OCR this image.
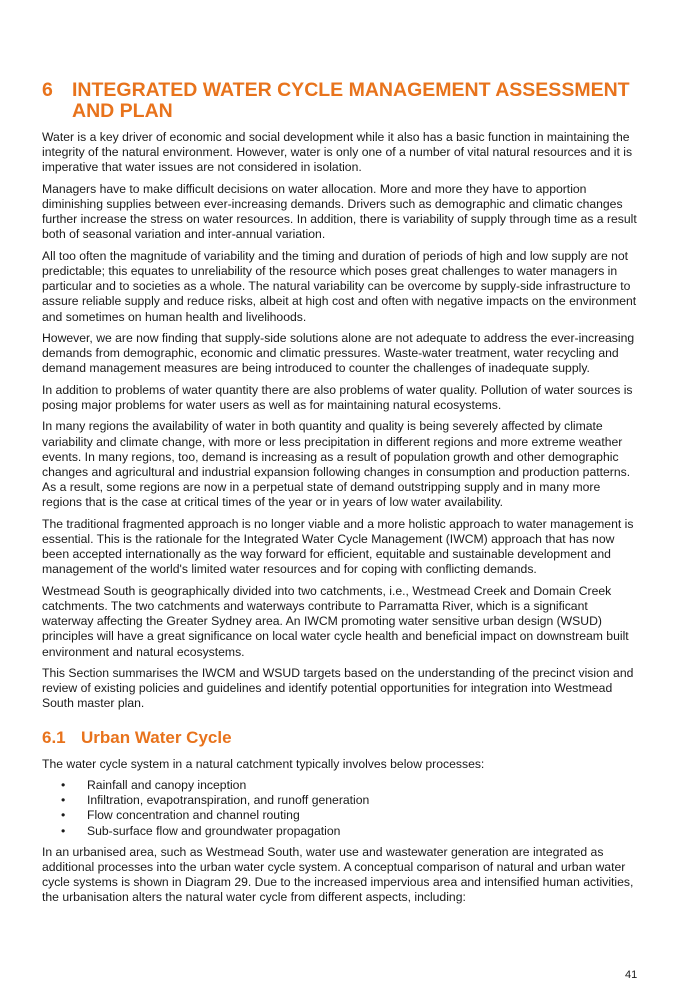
6 INTEGRATED WATER CYCLE MANAGEMENT ASSESSMENT AND PLAN

Water is a key driver of economic and social development while it also has a basic function in maintaining the integrity of the natural environment. However, water is only one of a number of vital natural resources and it is imperative that water issues are not considered in isolation.

Managers have to make difficult decisions on water allocation. More and more they have to apportion diminishing supplies between ever-increasing demands. Drivers such as demographic and climatic changes further increase the stress on water resources. In addition, there is variability of supply through time as a result both of seasonal variation and inter-annual variation.

All too often the magnitude of variability and the timing and duration of periods of high and low supply are not predictable; this equates to unreliability of the resource which poses great challenges to water managers in particular and to societies as a whole. The natural variability can be overcome by supply-side infrastructure to assure reliable supply and reduce risks, albeit at high cost and often with negative impacts on the environment and sometimes on human health and livelihoods.

However, we are now finding that supply-side solutions alone are not adequate to address the ever-increasing demands from demographic, economic and climatic pressures. Waste-water treatment, water recycling and demand management measures are being introduced to counter the challenges of inadequate supply.

In addition to problems of water quantity there are also problems of water quality. Pollution of water sources is posing major problems for water users as well as for maintaining natural ecosystems.

In many regions the availability of water in both quantity and quality is being severely affected by climate variability and climate change, with more or less precipitation in different regions and more extreme weather events. In many regions, too, demand is increasing as a result of population growth and other demographic changes and agricultural and industrial expansion following changes in consumption and production patterns. As a result, some regions are now in a perpetual state of demand outstripping supply and in many more regions that is the case at critical times of the year or in years of low water availability.

The traditional fragmented approach is no longer viable and a more holistic approach to water management is essential. This is the rationale for the Integrated Water Cycle Management (IWCM) approach that has now been accepted internationally as the way forward for efficient, equitable and sustainable development and management of the world's limited water resources and for coping with conflicting demands.

Westmead South is geographically divided into two catchments, i.e., Westmead Creek and Domain Creek catchments. The two catchments and waterways contribute to Parramatta River, which is a significant waterway affecting the Greater Sydney area. An IWCM promoting water sensitive urban design (WSUD) principles will have a great significance on local water cycle health and beneficial impact on downstream built environment and natural ecosystems.

This Section summarises the IWCM and WSUD targets based on the understanding of the precinct vision and review of existing policies and guidelines and identify potential opportunities for integration into Westmead South master plan.

6.1 Urban Water Cycle

The water cycle system in a natural catchment typically involves below processes:

• Rainfall and canopy inception
• Infiltration, evapotranspiration, and runoff generation
• Flow concentration and channel routing
• Sub-surface flow and groundwater propagation

In an urbanised area, such as Westmead South, water use and wastewater generation are integrated as additional processes into the urban water cycle system. A conceptual comparison of natural and urban water cycle systems is shown in Diagram 29. Due to the increased impervious area and intensified human activities, the urbanisation alters the natural water cycle from different aspects, including:

41
